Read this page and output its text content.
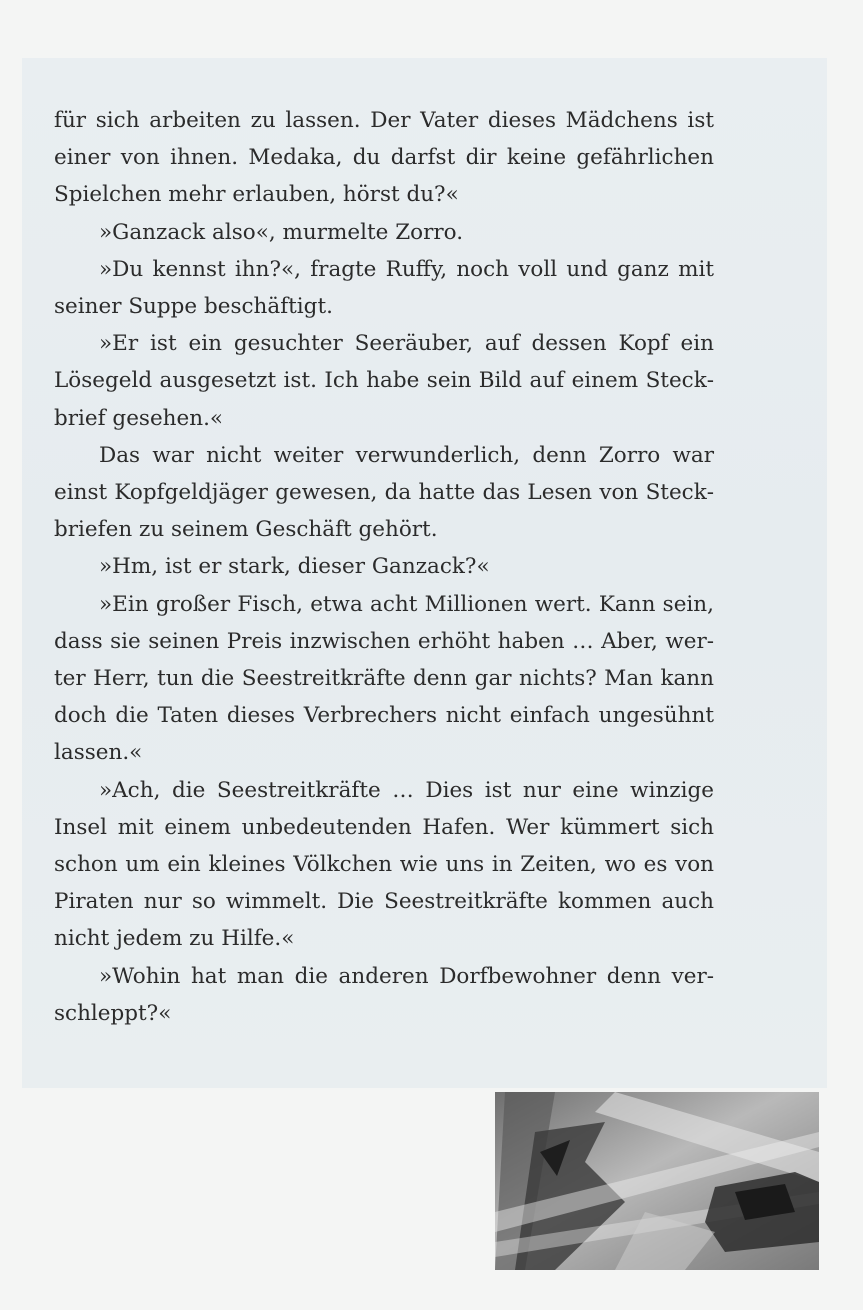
für sich arbeiten zu lassen. Der Vater dieses Mädchens ist einer von ihnen. Medaka, du darfst dir keine gefährlichen Spielchen mehr erlauben, hörst du?«

»Ganzack also«, murmelte Zorro.

»Du kennst ihn?«, fragte Ruffy, noch voll und ganz mit seiner Suppe beschäftigt.

»Er ist ein gesuchter Seeräuber, auf dessen Kopf ein Lösegeld ausgesetzt ist. Ich habe sein Bild auf einem Steckbrief gesehen.«

Das war nicht weiter verwunderlich, denn Zorro war einst Kopfgeldjäger gewesen, da hatte das Lesen von Steckbriefen zu seinem Geschäft gehört.

»Hm, ist er stark, dieser Ganzack?«

»Ein großer Fisch, etwa acht Millionen wert. Kann sein, dass sie seinen Preis inzwischen erhöht haben … Aber, werter Herr, tun die Seestreitkräfte denn gar nichts? Man kann doch die Taten dieses Verbrechers nicht einfach ungesühnt lassen.«

»Ach, die Seestreitkräfte … Dies ist nur eine winzige Insel mit einem unbedeutenden Hafen. Wer kümmert sich schon um ein kleines Völkchen wie uns in Zeiten, wo es von Piraten nur so wimmelt. Die Seestreitkräfte kommen auch nicht jedem zu Hilfe.«

»Wohin hat man die anderen Dorfbewohner denn verschleppt?«
